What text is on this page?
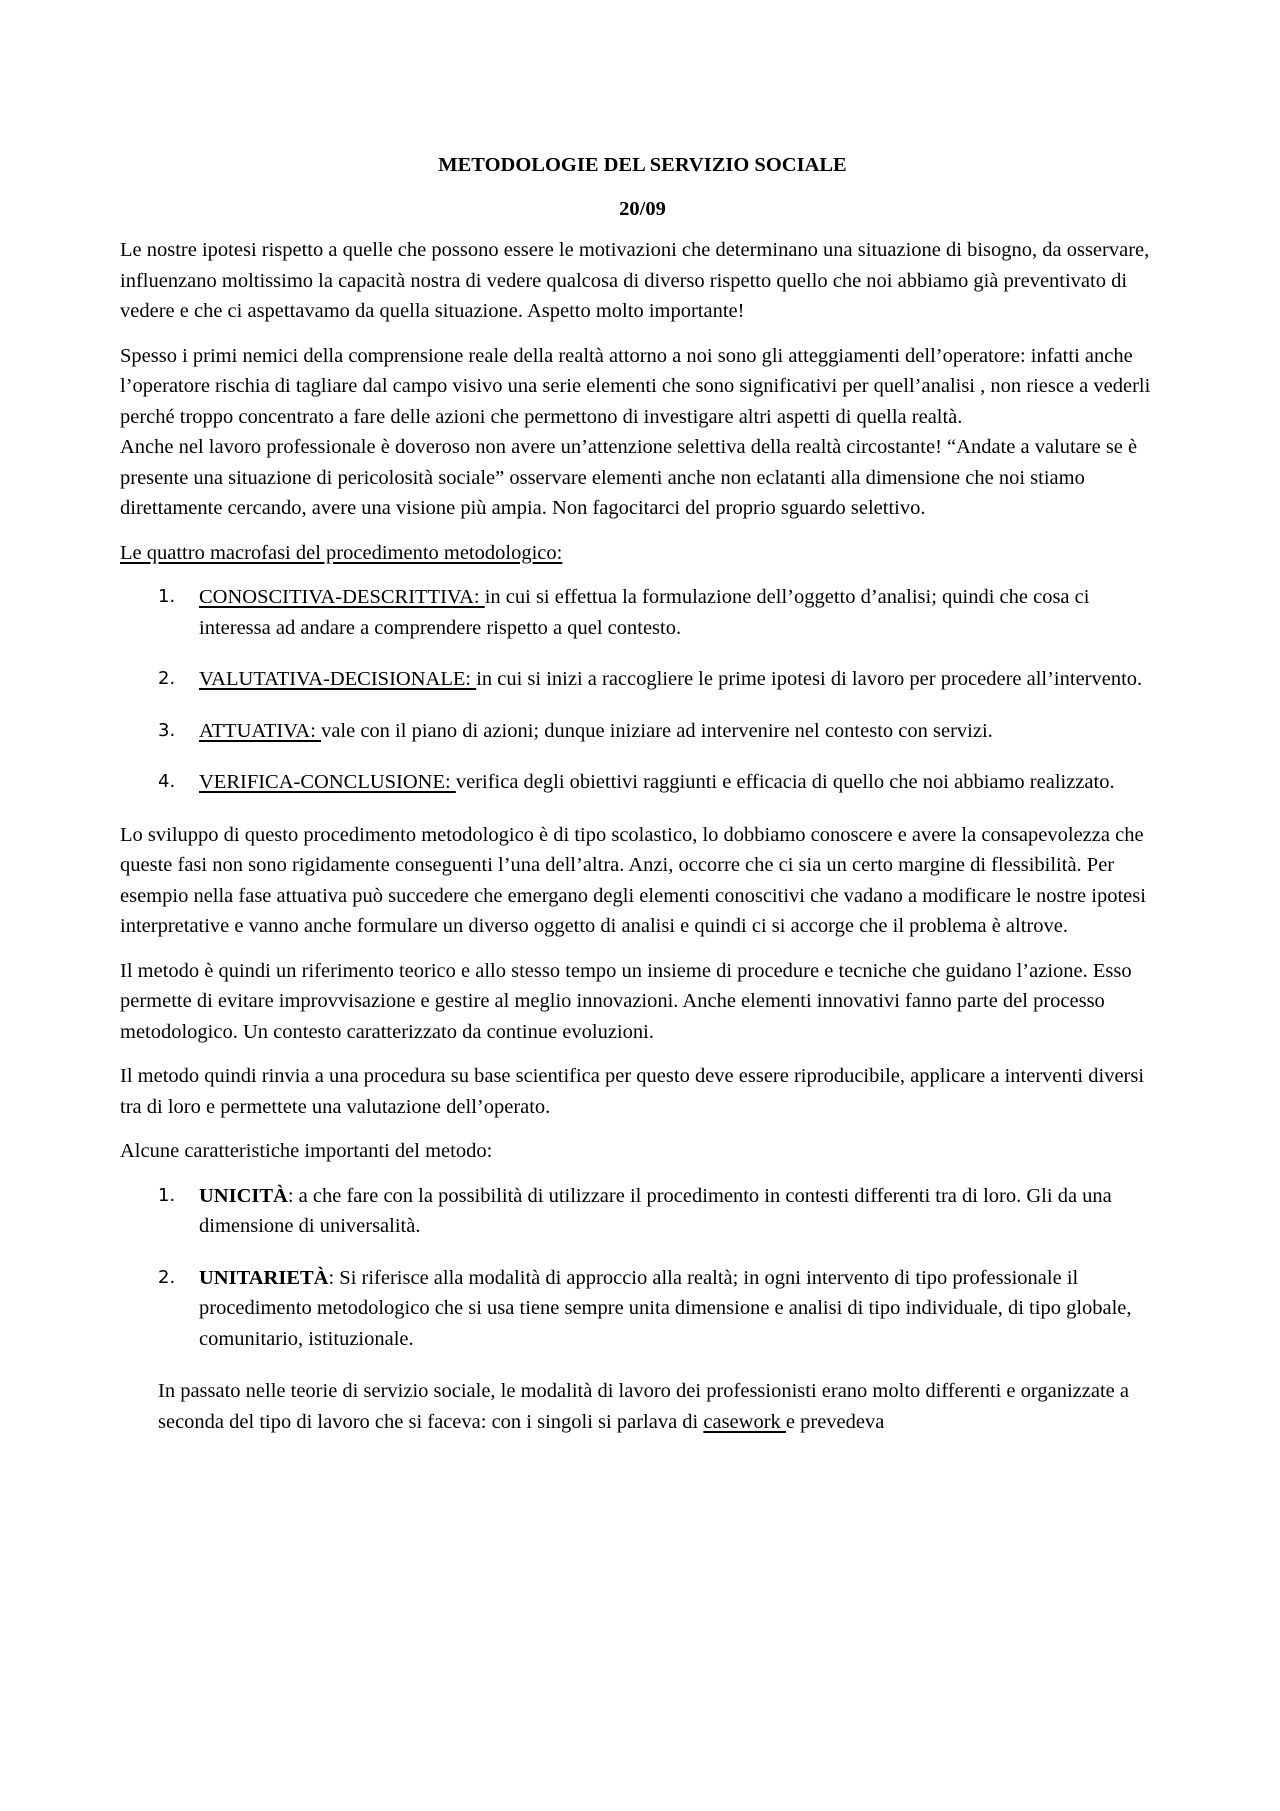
METODOLOGIE DEL SERVIZIO SOCIALE

20/09

Le nostre ipotesi rispetto a quelle che possono essere le motivazioni che determinano una situazione di bisogno, da osservare, influenzano moltissimo la capacità nostra di vedere qualcosa di diverso rispetto quello che noi abbiamo già preventivato di vedere e che ci aspettavamo da quella situazione. Aspetto molto importante!

Spesso i primi nemici della comprensione reale della realtà attorno a noi sono gli atteggiamenti dell’operatore: infatti anche l’operatore rischia di tagliare dal campo visivo una serie elementi che sono significativi per quell’analisi , non riesce a vederli perché troppo concentrato a fare delle azioni che permettono di investigare altri aspetti di quella realtà.

Anche nel lavoro professionale è doveroso non avere un’attenzione selettiva della realtà circostante! “Andate a valutare se è presente una situazione di pericolosità sociale” osservare elementi anche non eclatanti alla dimensione che noi stiamo direttamente cercando, avere una visione più ampia. Non fagocitarci del proprio sguardo selettivo.

Le quattro macrofasi del procedimento metodologico:

1. CONOSCITIVA-DESCRITTIVA: in cui si effettua la formulazione dell’oggetto d’analisi; quindi che cosa ci interessa ad andare a comprendere rispetto a quel contesto.
2. VALUTATIVA-DECISIONALE: in cui si inizi a raccogliere le prime ipotesi di lavoro per procedere all’intervento.
3. ATTUATIVA: vale con il piano di azioni; dunque iniziare ad intervenire nel contesto con servizi.
4. VERIFICA-CONCLUSIONE: verifica degli obiettivi raggiunti e efficacia di quello che noi abbiamo realizzato.

Lo sviluppo di questo procedimento metodologico è di tipo scolastico, lo dobbiamo conoscere e avere la consapevolezza che queste fasi non sono rigidamente conseguenti l’una dell’altra. Anzi, occorre che ci sia un certo margine di flessibilità. Per esempio nella fase attuativa può succedere che emergano degli elementi conoscitivi che vadano a modificare le nostre ipotesi interpretative e vanno anche formulare un diverso oggetto di analisi e quindi ci si accorge che il problema è altrove.

Il metodo è quindi un riferimento teorico e allo stesso tempo un insieme di procedure e tecniche che guidano l’azione. Esso permette di evitare improvvisazione e gestire al meglio innovazioni. Anche elementi innovativi fanno parte del processo metodologico. Un contesto caratterizzato da continue evoluzioni.

Il metodo quindi rinvia a una procedura su base scientifica per questo deve essere riproducibile, applicare a interventi diversi tra di loro e permettete una valutazione dell’operato.

Alcune caratteristiche importanti del metodo:

1. UNICITÀ: a che fare con la possibilità di utilizzare il procedimento in contesti differenti tra di loro. Gli da una dimensione di universalità.
2. UNITARIETÀ: Si riferisce alla modalità di approccio alla realtà; in ogni intervento di tipo professionale il procedimento metodologico che si usa tiene sempre unita dimensione e analisi di tipo individuale, di tipo globale, comunitario, istituzionale.

In passato nelle teorie di servizio sociale, le modalità di lavoro dei professionisti erano molto differenti e organizzate a seconda del tipo di lavoro che si faceva: con i singoli si parlava di casework e prevedeva
